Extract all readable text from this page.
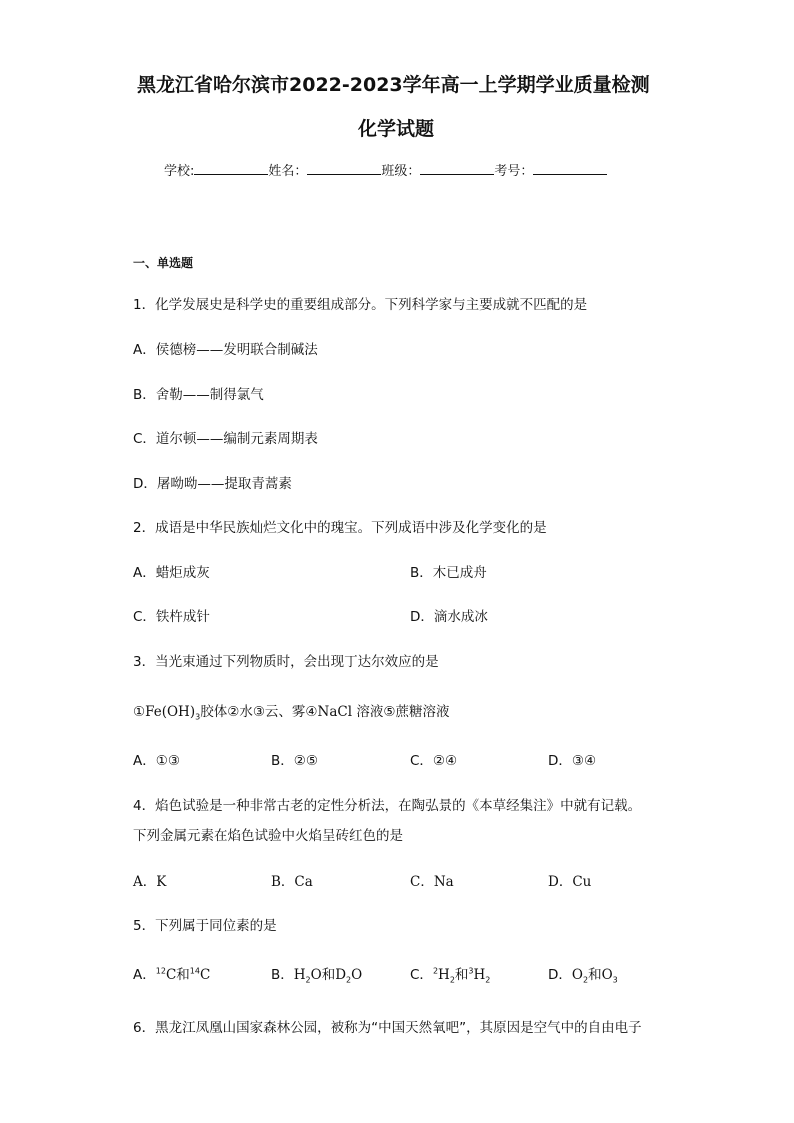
黑龙江省哈尔滨市2022-2023学年高一上学期学业质量检测
化学试题
学校:	姓名：	班级：	考号：
一、单选题
1．化学发展史是科学史的重要组成部分。下列科学家与主要成就不匹配的是
A．侯德榜——发明联合制碱法
B．舍勒——制得氯气
C．道尔顿——编制元素周期表
D．屠呦呦——提取青蒿素
2．成语是中华民族灿烂文化中的瑰宝。下列成语中涉及化学变化的是
A．蜡炬成灰	B．木已成舟
C．铁杵成针	D．滴水成冰
3．当光束通过下列物质时，会出现丁达尔效应的是
$①Fe(OH)_3$胶体②水③云、雾④NaCl 溶液⑤蔗糖溶液
A．①③	B．②⑤	C．②④	D．③④
4．焰色试验是一种非常古老的定性分析法，在陶弘景的《本草经集注》中就有记载。
下列金属元素在焰色试验中火焰呈砖红色的是
A．K	B．Ca	C．Na	D．Cu
5．下列属于同位素的是
A．$^{12}$C和$^{14}$C	B．$H_2O$和$D_2O$	C．$^2H_2$和$^3H_2$	D．$O_2$和$O_3$
6．黑龙江凤凰山国家森林公园，被称为“中国天然氧吧”，其原因是空气中的自由电子
